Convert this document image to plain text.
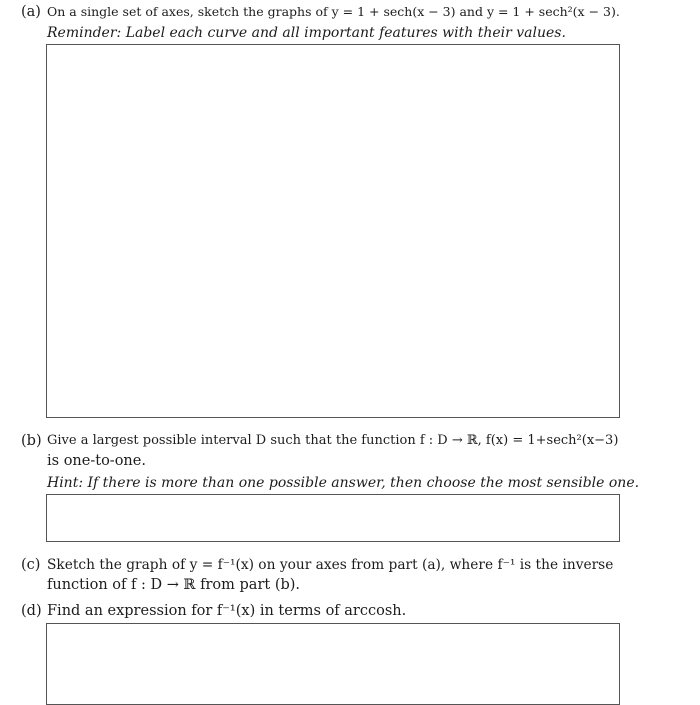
(a) On a single set of axes, sketch the graphs of y = 1 + sech(x − 3) and y = 1 + sech²(x − 3).
Reminder: Label each curve and all important features with their values.
(b) Give a largest possible interval D such that the function f : D → ℝ, f(x) = 1+sech²(x−3)
is one-to-one.
Hint: If there is more than one possible answer, then choose the most sensible one.
(c) Sketch the graph of y = f⁻¹(x) on your axes from part (a), where f⁻¹ is the inverse
function of f : D → ℝ from part (b).
(d) Find an expression for f⁻¹(x) in terms of arccosh.
